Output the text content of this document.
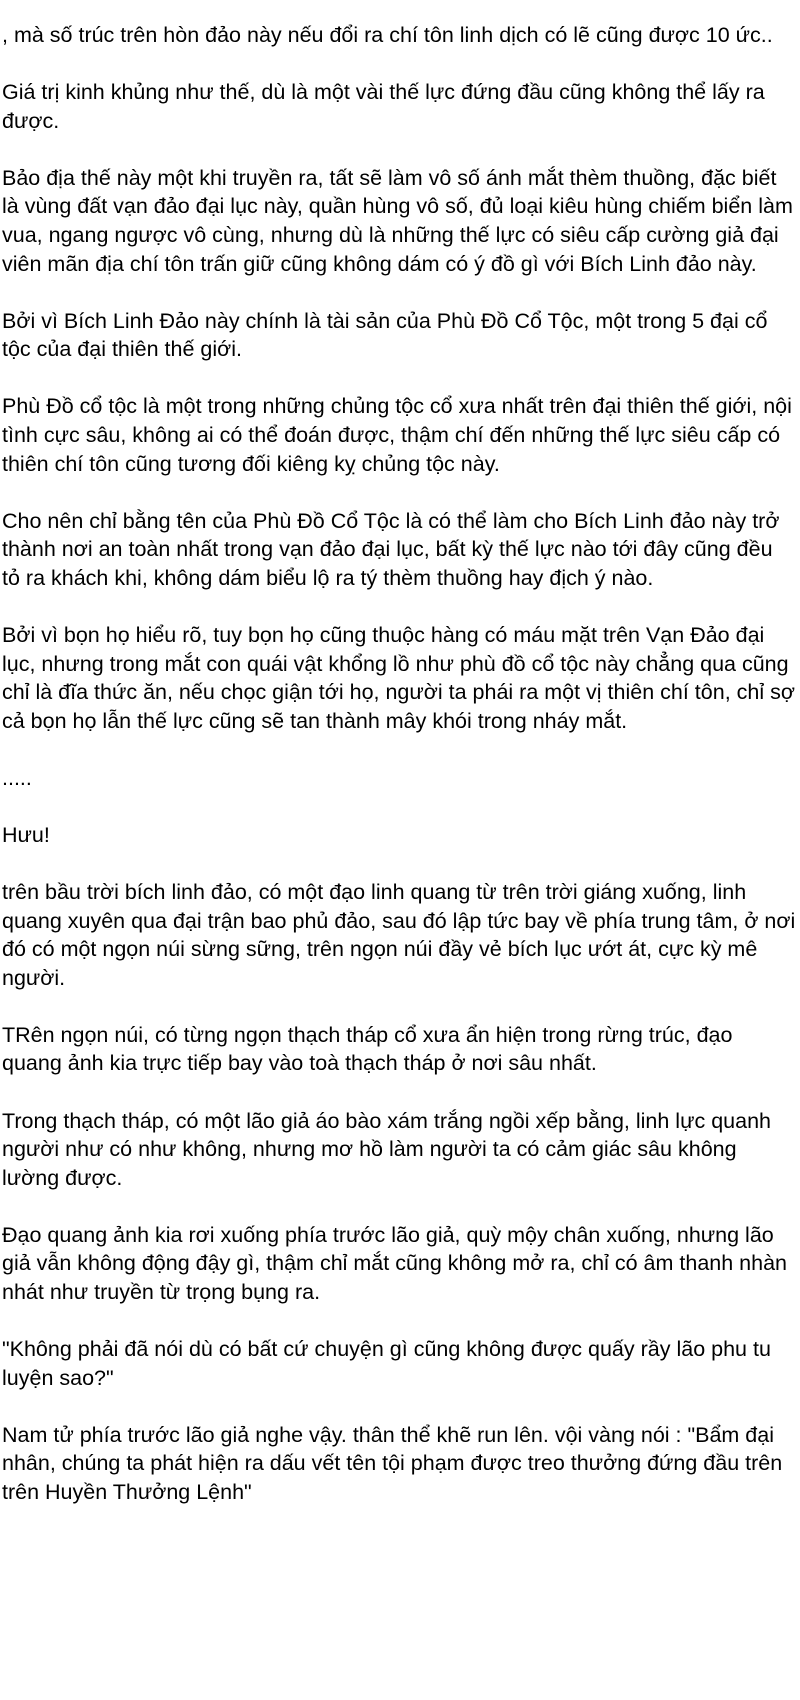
, mà số trúc trên hòn đảo này nếu đổi ra chí tôn linh dịch có lẽ cũng được 10 ức..

Giá trị kinh khủng như thế, dù là một vài thế lực đứng đầu cũng không thể lấy ra được.

Bảo địa thế này một khi truyền ra, tất sẽ làm vô số ánh mắt thèm thuồng, đặc biết là vùng đất vạn đảo đại lục này, quần hùng vô số, đủ loại kiêu hùng chiếm biển làm vua, ngang ngược vô cùng, nhưng dù là những thế lực có siêu cấp cường giả đại viên mãn địa chí tôn trấn giữ cũng không dám có ý đồ gì với Bích Linh đảo này.

Bởi vì Bích Linh Đảo này chính là tài sản của Phù Đồ Cổ Tộc, một trong 5 đại cổ tộc của đại thiên thế giới.

Phù Đồ cổ tộc là một trong những chủng tộc cổ xưa nhất trên đại thiên thế giới, nội tình cực sâu, không ai có thể đoán được, thậm chí đến những thế lực siêu cấp có thiên chí tôn cũng tương đối kiêng kỵ chủng tộc này.

Cho nên chỉ bằng tên của Phù Đồ Cổ Tộc là có thể làm cho Bích Linh đảo này trở thành nơi an toàn nhất trong vạn đảo đại lục, bất kỳ thế lực nào tới đây cũng đều tỏ ra khách khi, không dám biểu lộ ra tý thèm thuồng hay địch ý nào.

Bởi vì bọn họ hiểu rõ, tuy bọn họ cũng thuộc hàng có máu mặt trên Vạn Đảo đại lục, nhưng trong mắt con quái vật khổng lồ như phù đồ cổ tộc này chẳng qua cũng chỉ là đĩa thức ăn, nếu chọc giận tới họ, người ta phái ra một vị thiên chí tôn, chỉ sợ cả bọn họ lẫn thế lực cũng sẽ tan thành mây khói trong nháy mắt.

.....

Hưu!

trên bầu trời bích linh đảo, có một đạo linh quang từ trên trời giáng xuống, linh quang xuyên qua đại trận bao phủ đảo, sau đó lập tức bay về phía trung tâm, ở nơi đó có một ngọn núi sừng sững, trên ngọn núi đầy vẻ bích lục ướt át, cực kỳ mê người.

TRên ngọn núi, có từng ngọn thạch tháp cổ xưa ẩn hiện trong rừng trúc, đạo quang ảnh kia trực tiếp bay vào toà thạch tháp ở nơi sâu nhất.

Trong thạch tháp, có một lão giả áo bào xám trắng ngồi xếp bằng, linh lực quanh người như có như không, nhưng mơ hồ làm người ta có cảm giác sâu không lường được.

Đạo quang ảnh kia rơi xuống phía trước lão giả, quỳ mộy chân xuống, nhưng lão giả vẫn không động đậy gì, thậm chỉ mắt cũng không mở ra, chỉ có âm thanh nhàn nhát như truyền từ trọng bụng ra.

"Không phải đã nói dù có bất cứ chuyện gì cũng không được quấy rầy lão phu tu luyện sao?"

Nam tử phía trước lão giả nghe vậy. thân thể khẽ run lên. vội vàng nói : "Bẩm đại nhân, chúng ta phát hiện ra dấu vết tên tội phạm được treo thưởng đứng đầu trên trên Huyền Thưởng Lệnh"
